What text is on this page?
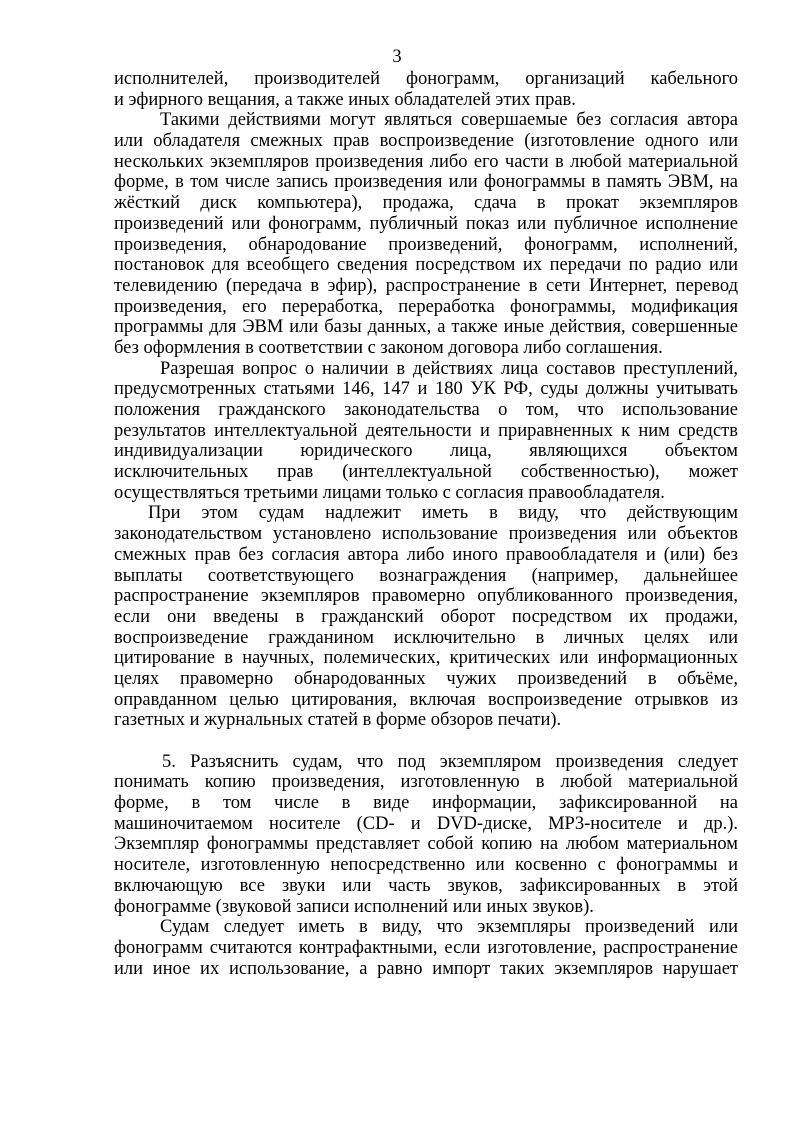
3
исполнителей, производителей фонограмм, организаций кабельного
и эфирного вещания, а также иных обладателей этих прав.
Такими действиями могут являться совершаемые без согласия автора
или обладателя смежных прав воспроизведение (изготовление одного или
нескольких экземпляров произведения либо его части в любой материальной
форме, в том числе запись произведения или фонограммы в память ЭВМ, на
жёсткий диск компьютера), продажа, сдача в прокат экземпляров
произведений или фонограмм, публичный показ или публичное исполнение
произведения, обнародование произведений, фонограмм, исполнений,
постановок для всеобщего сведения посредством их передачи по радио или
телевидению (передача в эфир), распространение в сети Интернет, перевод
произведения, его переработка, переработка фонограммы, модификация
программы для ЭВМ или базы данных, а также иные действия, совершенные
без оформления в соответствии с законом договора либо соглашения.
Разрешая вопрос о наличии в действиях лица составов преступлений,
предусмотренных статьями 146, 147 и 180 УК РФ, суды должны учитывать
положения гражданского законодательства о том, что использование
результатов интеллектуальной деятельности и приравненных к ним средств
индивидуализации юридического лица, являющихся объектом
исключительных прав (интеллектуальной собственностью), может
осуществляться третьими лицами только с согласия правообладателя.
При этом судам надлежит иметь в виду, что действующим
законодательством установлено использование произведения или объектов
смежных прав без согласия автора либо иного правообладателя и (или) без
выплаты соответствующего вознаграждения (например, дальнейшее
распространение экземпляров правомерно опубликованного произведения,
если они введены в гражданский оборот посредством их продажи,
воспроизведение гражданином исключительно в личных целях или
цитирование в научных, полемических, критических или информационных
целях правомерно обнародованных чужих произведений в объёме,
оправданном целью цитирования, включая воспроизведение отрывков из
газетных и журнальных статей в форме обзоров печати).
5. Разъяснить судам, что под экземпляром произведения следует
понимать копию произведения, изготовленную в любой материальной
форме, в том числе в виде информации, зафиксированной на
машиночитаемом носителе (CD- и DVD-диске, MP3-носителе и др.).
Экземпляр фонограммы представляет собой копию на любом материальном
носителе, изготовленную непосредственно или косвенно с фонограммы и
включающую все звуки или часть звуков, зафиксированных в этой
фонограмме (звуковой записи исполнений или иных звуков).
Судам следует иметь в виду, что экземпляры произведений или
фонограмм считаются контрафактными, если изготовление, распространение
или иное их использование, а равно импорт таких экземпляров нарушает
